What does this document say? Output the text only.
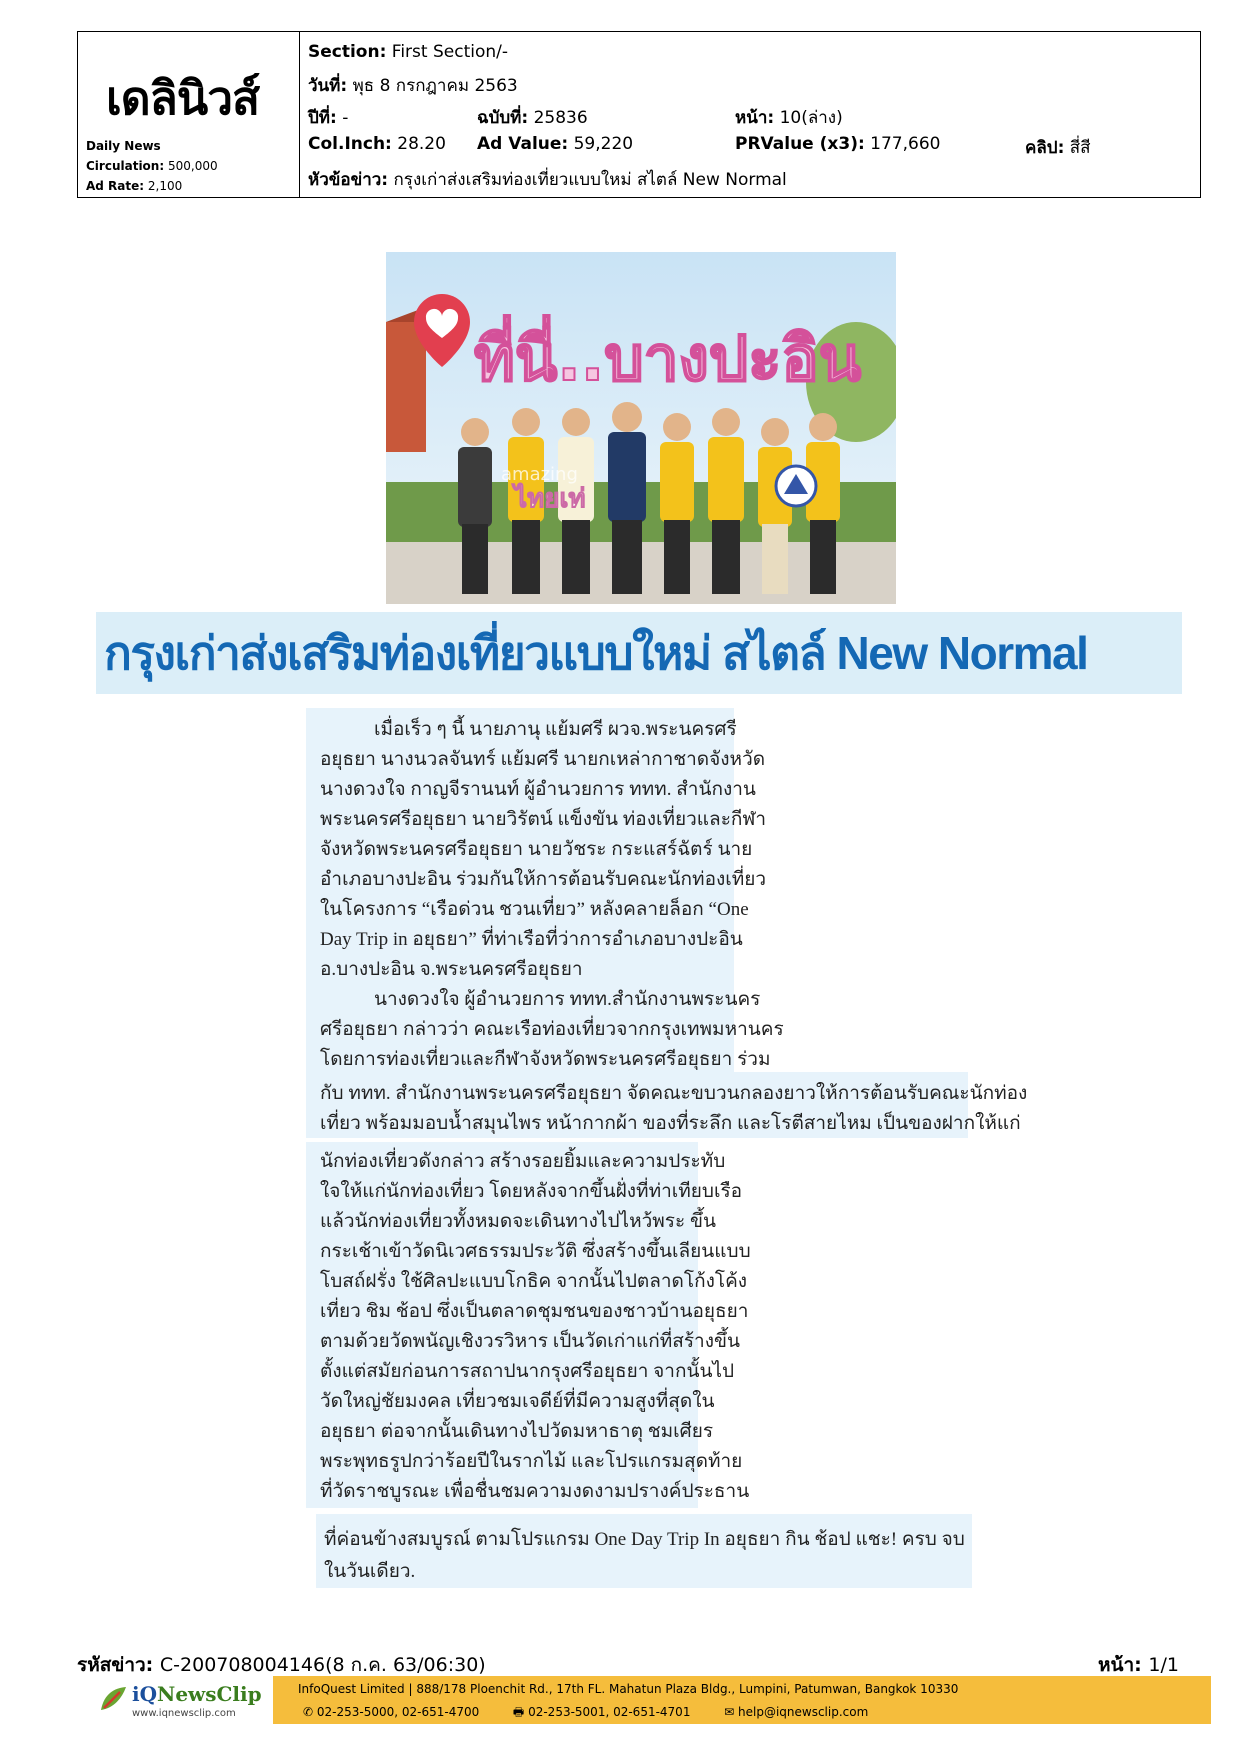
เดลินิวส์
Daily News
Circulation: 500,000
Ad Rate: 2,100
Section: First Section/-
วันที่: พุธ 8 กรกฎาคม 2563
ปีที่: -	ฉบับที่: 25836	หน้า: 10(ล่าง)
Col.Inch: 28.20 Ad Value: 59,220	PRValue (x3): 177,660	คลิป: สี่สี
หัวข้อข่าว: กรุงเก่าส่งเสริมท่องเที่ยวแบบใหม่ สไตล์ New Normal
ที่นี่..บางปะอิน
amazing
ไทยเท่
กรุงเก่าส่งเสริมท่องเที่ยวแบบใหม่ สไตล์ New Normal
เมื่อเร็ว ๆ นี้ นายภานุ แย้มศรี ผวจ.พระนครศรี
อยุธยา นางนวลจันทร์ แย้มศรี นายกเหล่ากาชาดจังหวัด
นางดวงใจ กาญจีรานนท์ ผู้อำนวยการ ททท. สำนักงาน
พระนครศรีอยุธยา นายวิรัตน์ แข็งขัน ท่องเที่ยวและกีฬา
จังหวัดพระนครศรีอยุธยา นายวัชระ กระแสร์ฉัตร์ นาย
อำเภอบางปะอิน ร่วมกันให้การต้อนรับคณะนักท่องเที่ยว
ในโครงการ “เรือด่วน ชวนเที่ยว” หลังคลายล็อก “One
Day Trip in อยุธยา” ที่ท่าเรือที่ว่าการอำเภอบางปะอิน
อ.บางปะอิน จ.พระนครศรีอยุธยา
นางดวงใจ ผู้อำนวยการ ททท.สำนักงานพระนคร
ศรีอยุธยา กล่าวว่า คณะเรือท่องเที่ยวจากกรุงเทพมหานคร
โดยการท่องเที่ยวและกีฬาจังหวัดพระนครศรีอยุธยา ร่วม
กับ ททท. สำนักงานพระนครศรีอยุธยา จัดคณะขบวนกลองยาวให้การต้อนรับคณะนักท่อง
เที่ยว พร้อมมอบน้ำสมุนไพร หน้ากากผ้า ของที่ระลึก และโรตีสายไหม เป็นของฝากให้แก่
นักท่องเที่ยวดังกล่าว สร้างรอยยิ้มและความประทับ
ใจให้แก่นักท่องเที่ยว โดยหลังจากขึ้นฝั่งที่ท่าเทียบเรือ
แล้วนักท่องเที่ยวทั้งหมดจะเดินทางไปไหว้พระ ขึ้น
กระเช้าเข้าวัดนิเวศธรรมประวัติ ซึ่งสร้างขึ้นเลียนแบบ
โบสถ์ฝรั่ง ใช้ศิลปะแบบโกธิค จากนั้นไปตลาดโก้งโค้ง
เที่ยว ชิม ช้อป ซึ่งเป็นตลาดชุมชนของชาวบ้านอยุธยา
ตามด้วยวัดพนัญเชิงวรวิหาร เป็นวัดเก่าแก่ที่สร้างขึ้น
ตั้งแต่สมัยก่อนการสถาปนากรุงศรีอยุธยา จากนั้นไป
วัดใหญ่ชัยมงคล เที่ยวชมเจดีย์ที่มีความสูงที่สุดใน
อยุธยา ต่อจากนั้นเดินทางไปวัดมหาธาตุ ชมเศียร
พระพุทธรูปกว่าร้อยปีในรากไม้ และโปรแกรมสุดท้าย
ที่วัดราชบูรณะ เพื่อชื่นชมความงดงามปรางค์ประธาน
ที่ค่อนข้างสมบูรณ์ ตามโปรแกรม One Day Trip In อยุธยา กิน ช้อป แชะ! ครบ จบ
ในวันเดียว.
รหัสข่าว: C-200708004146(8 ก.ค. 63/06:30)	หน้า: 1/1
iQNewsClip
www.iqnewsclip.com
InfoQuest Limited | 888/178 Ploenchit Rd., 17th FL. Mahatun Plaza Bldg., Lumpini, Patumwan, Bangkok 10330
✆ 02-253-5000, 02-651-4700	🖶 02-253-5001, 02-651-4701	✉ help@iqnewsclip.com
